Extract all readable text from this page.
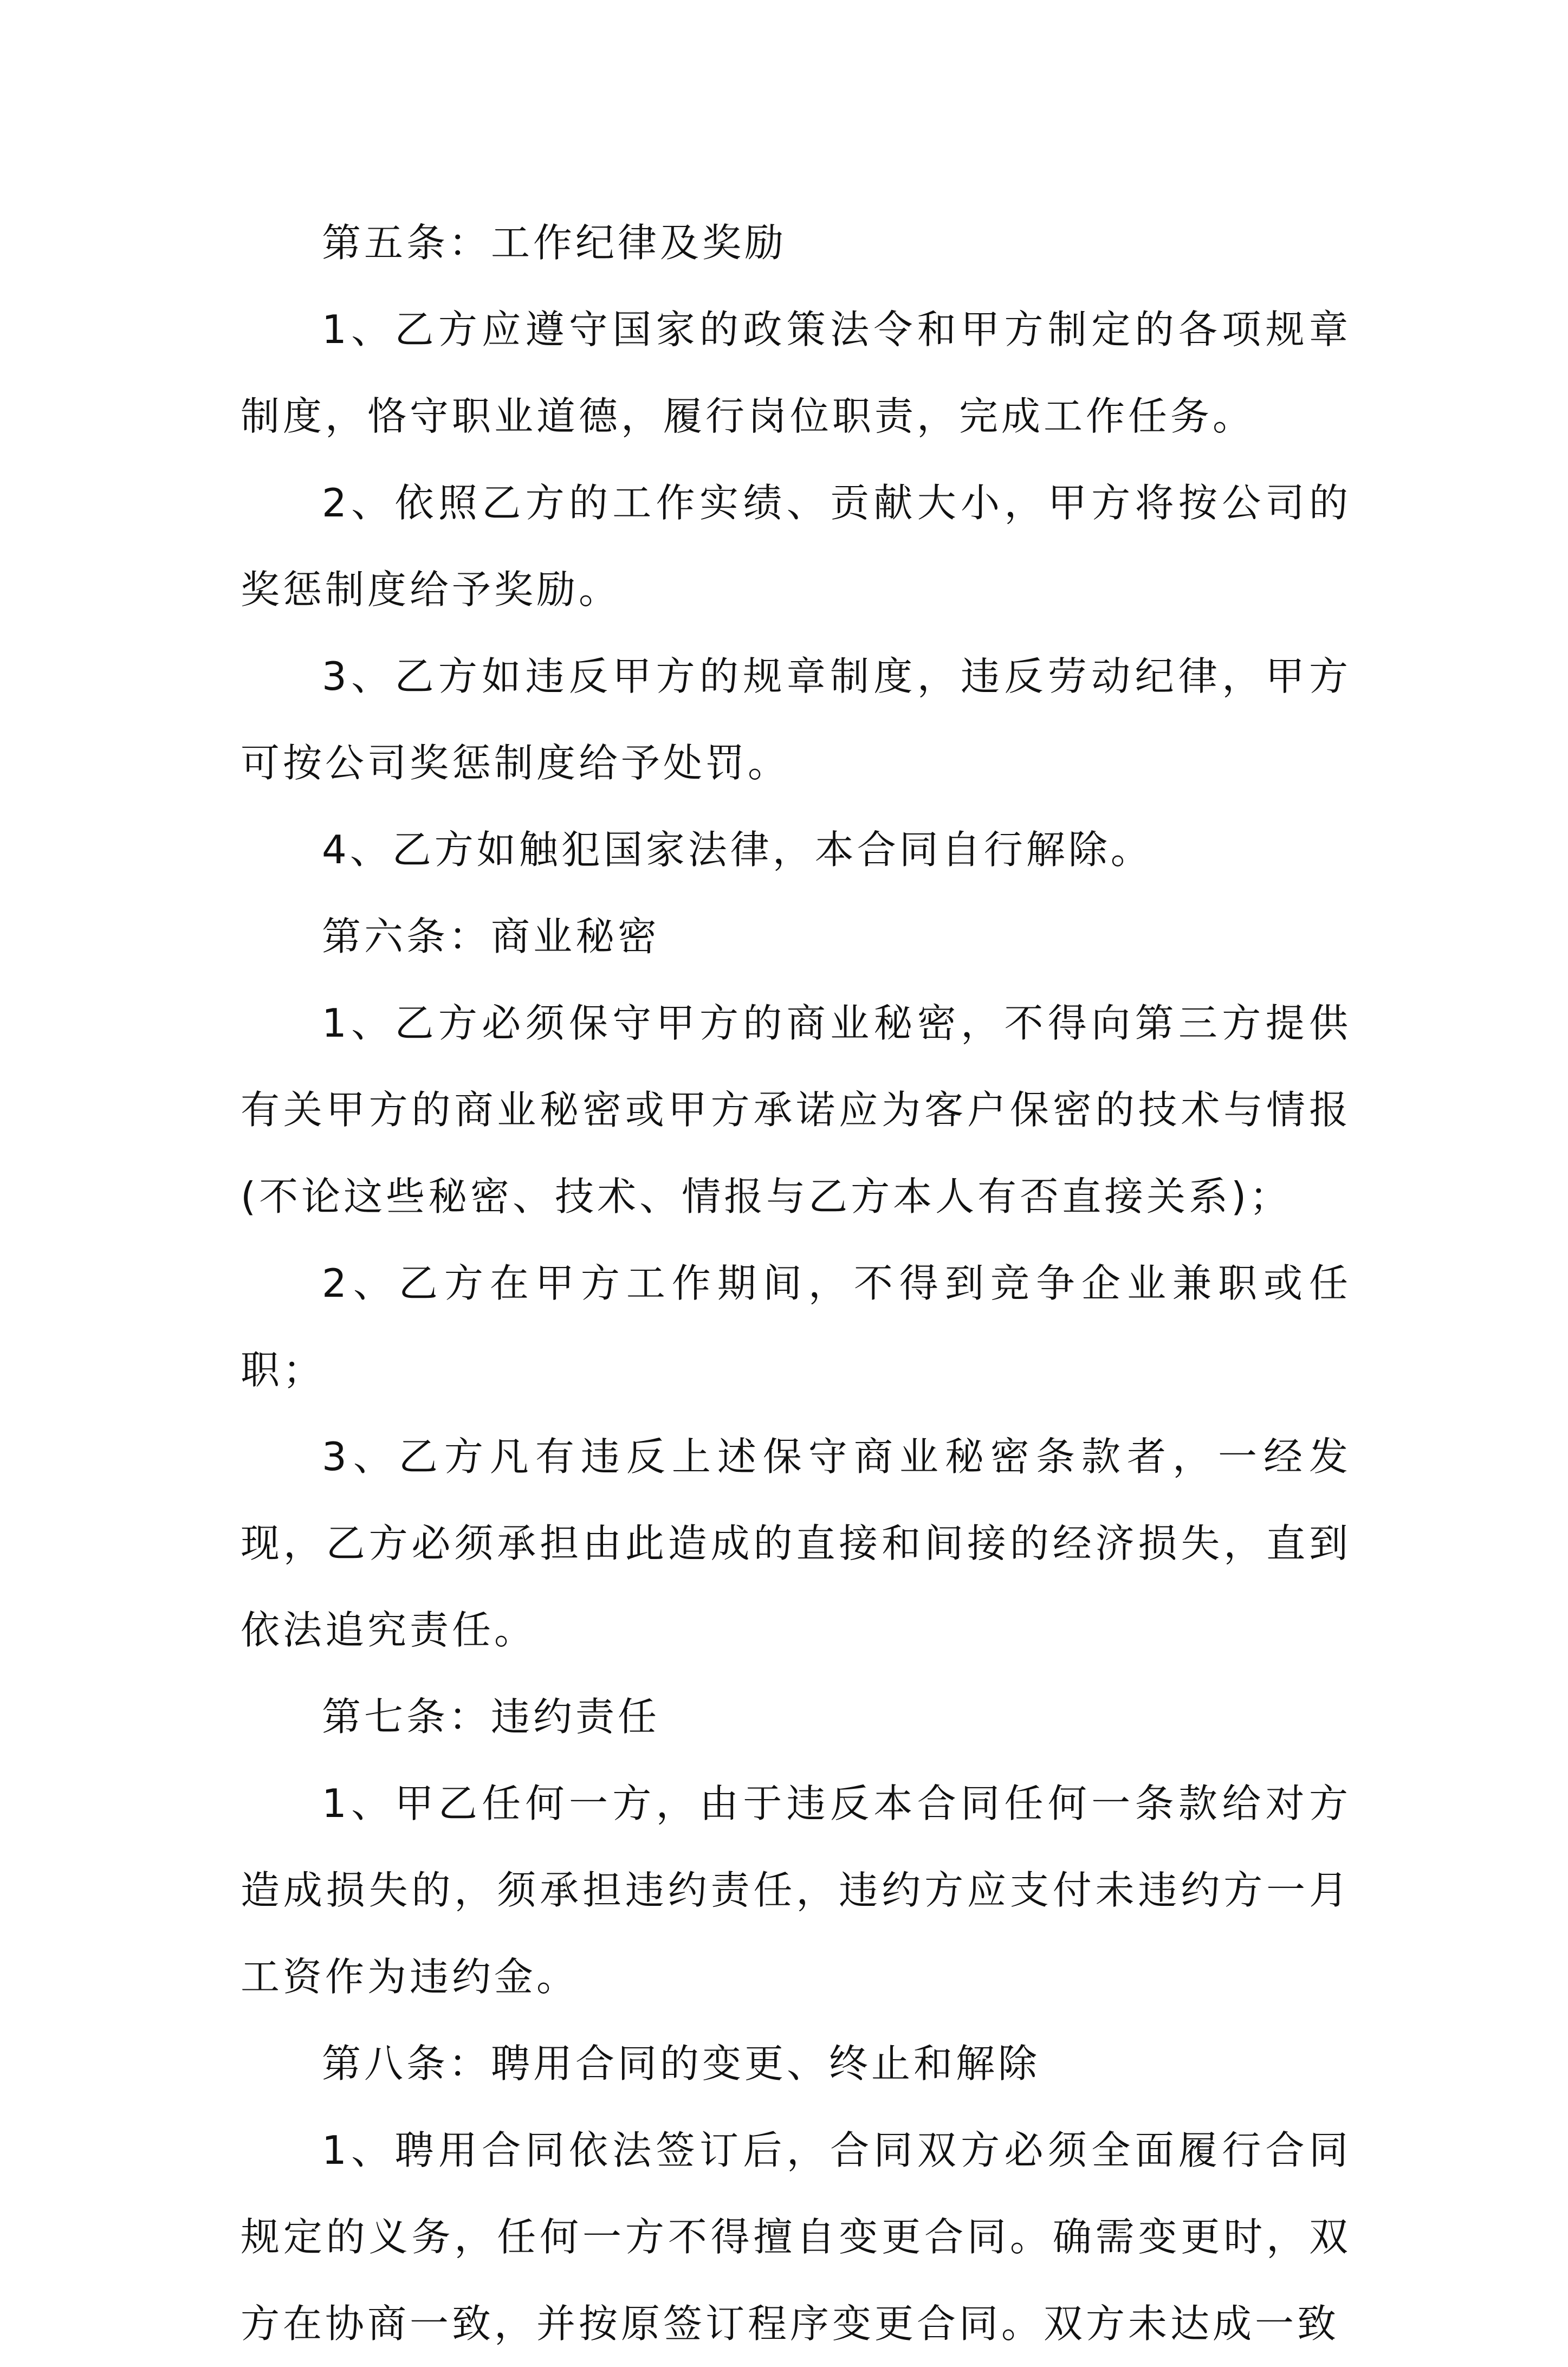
第五条：工作纪律及奖励

1、乙方应遵守国家的政策法令和甲方制定的各项规章制度，恪守职业道德，履行岗位职责，完成工作任务。

2、依照乙方的工作实绩、贡献大小，甲方将按公司的奖惩制度给予奖励。

3、乙方如违反甲方的规章制度，违反劳动纪律，甲方可按公司奖惩制度给予处罚。

4、乙方如触犯国家法律，本合同自行解除。

第六条：商业秘密

1、乙方必须保守甲方的商业秘密，不得向第三方提供有关甲方的商业秘密或甲方承诺应为客户保密的技术与情报(不论这些秘密、技术、情报与乙方本人有否直接关系)；

2、乙方在甲方工作期间，不得到竞争企业兼职或任职；

3、乙方凡有违反上述保守商业秘密条款者，一经发现，乙方必须承担由此造成的直接和间接的经济损失，直到依法追究责任。

第七条：违约责任

1、甲乙任何一方，由于违反本合同任何一条款给对方造成损失的，须承担违约责任，违约方应支付未违约方一月工资作为违约金。

第八条：聘用合同的变更、终止和解除

1、聘用合同依法签订后，合同双方必须全面履行合同规定的义务，任何一方不得擅自变更合同。确需变更时，双方在协商一致，并按原签订程序变更合同。双方未达成一致
